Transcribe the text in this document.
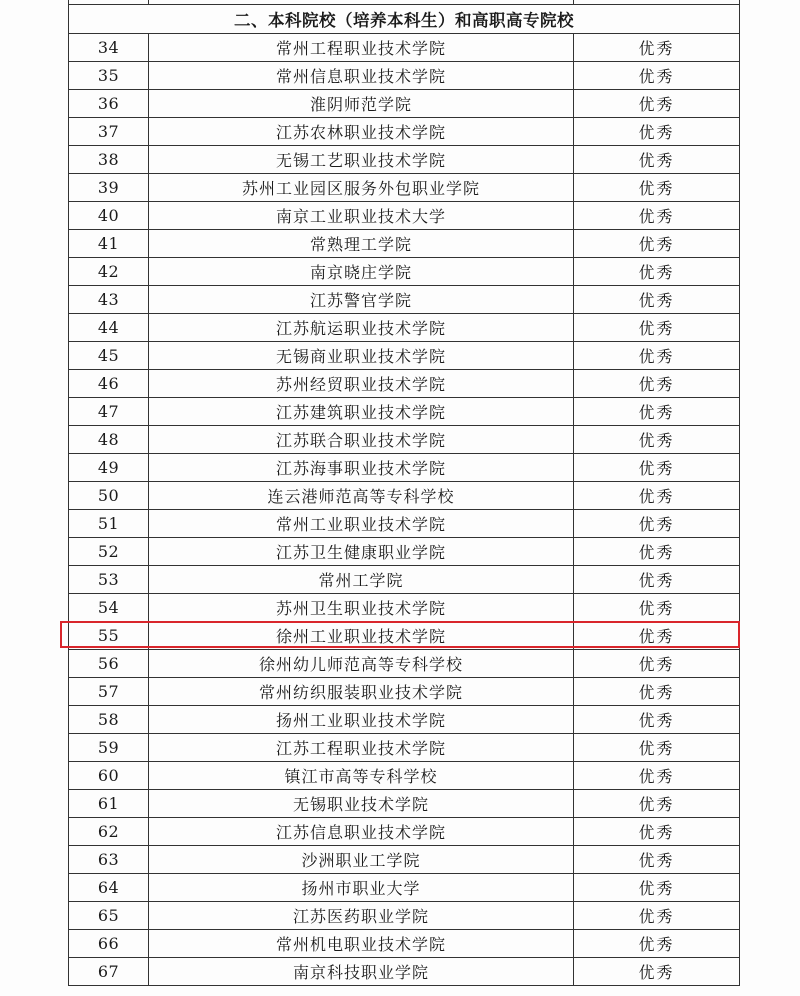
二、本科院校（培养本科生）和高职高专院校		
34	常州工程职业技术学院	优秀
35	常州信息职业技术学院	优秀
36	淮阴师范学院	优秀
37	江苏农林职业技术学院	优秀
38	无锡工艺职业技术学院	优秀
39	苏州工业园区服务外包职业学院	优秀
40	南京工业职业技术大学	优秀
41	常熟理工学院	优秀
42	南京晓庄学院	优秀
43	江苏警官学院	优秀
44	江苏航运职业技术学院	优秀
45	无锡商业职业技术学院	优秀
46	苏州经贸职业技术学院	优秀
47	江苏建筑职业技术学院	优秀
48	江苏联合职业技术学院	优秀
49	江苏海事职业技术学院	优秀
50	连云港师范高等专科学校	优秀
51	常州工业职业技术学院	优秀
52	江苏卫生健康职业学院	优秀
53	常州工学院	优秀
54	苏州卫生职业技术学院	优秀
55	徐州工业职业技术学院	优秀
56	徐州幼儿师范高等专科学校	优秀
57	常州纺织服装职业技术学院	优秀
58	扬州工业职业技术学院	优秀
59	江苏工程职业技术学院	优秀
60	镇江市高等专科学校	优秀
61	无锡职业技术学院	优秀
62	江苏信息职业技术学院	优秀
63	沙洲职业工学院	优秀
64	扬州市职业大学	优秀
65	江苏医药职业学院	优秀
66	常州机电职业技术学院	优秀
67	南京科技职业学院	优秀
